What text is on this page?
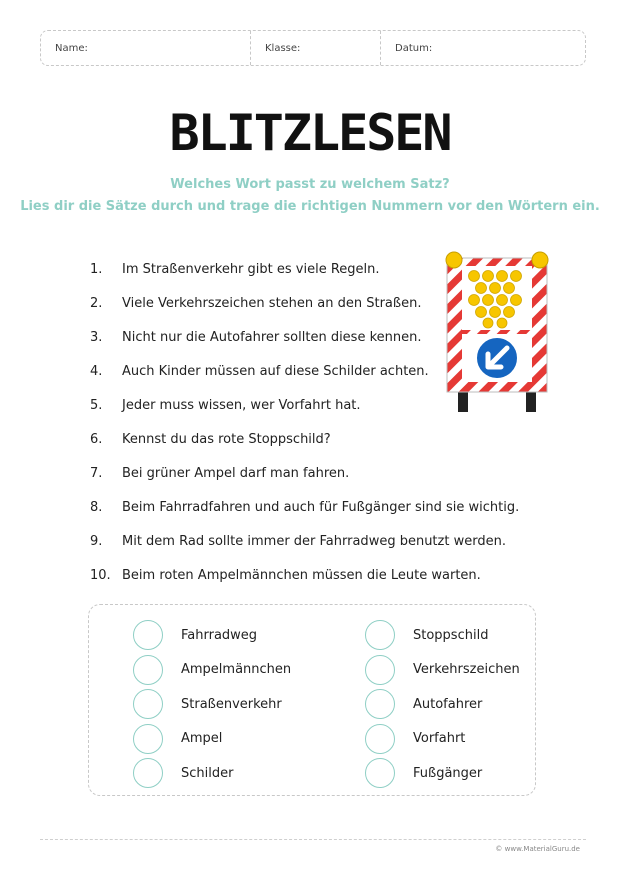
Name:	Klasse:	Datum:
BLITZLESEN
Welches Wort passt zu welchem Satz?
Lies dir die Sätze durch und trage die richtigen Nummern vor den Wörtern ein.
1.	Im Straßenverkehr gibt es viele Regeln.
2.	Viele Verkehrszeichen stehen an den Straßen.
3.	Nicht nur die Autofahrer sollten diese kennen.
4.	Auch Kinder müssen auf diese Schilder achten.
5.	Jeder muss wissen, wer Vorfahrt hat.
6.	Kennst du das rote Stoppschild?
7.	Bei grüner Ampel darf man fahren.
8.	Beim Fahrradfahren und auch für Fußgänger sind sie wichtig.
9.	Mit dem Rad sollte immer der Fahrradweg benutzt werden.
10. Beim roten Ampelmännchen müssen die Leute warten.
Fahrradweg
Ampelmännchen
Straßenverkehr
Ampel
Schilder
Stoppschild
Verkehrszeichen
Autofahrer
Vorfahrt
Fußgänger
© www.MaterialGuru.de
